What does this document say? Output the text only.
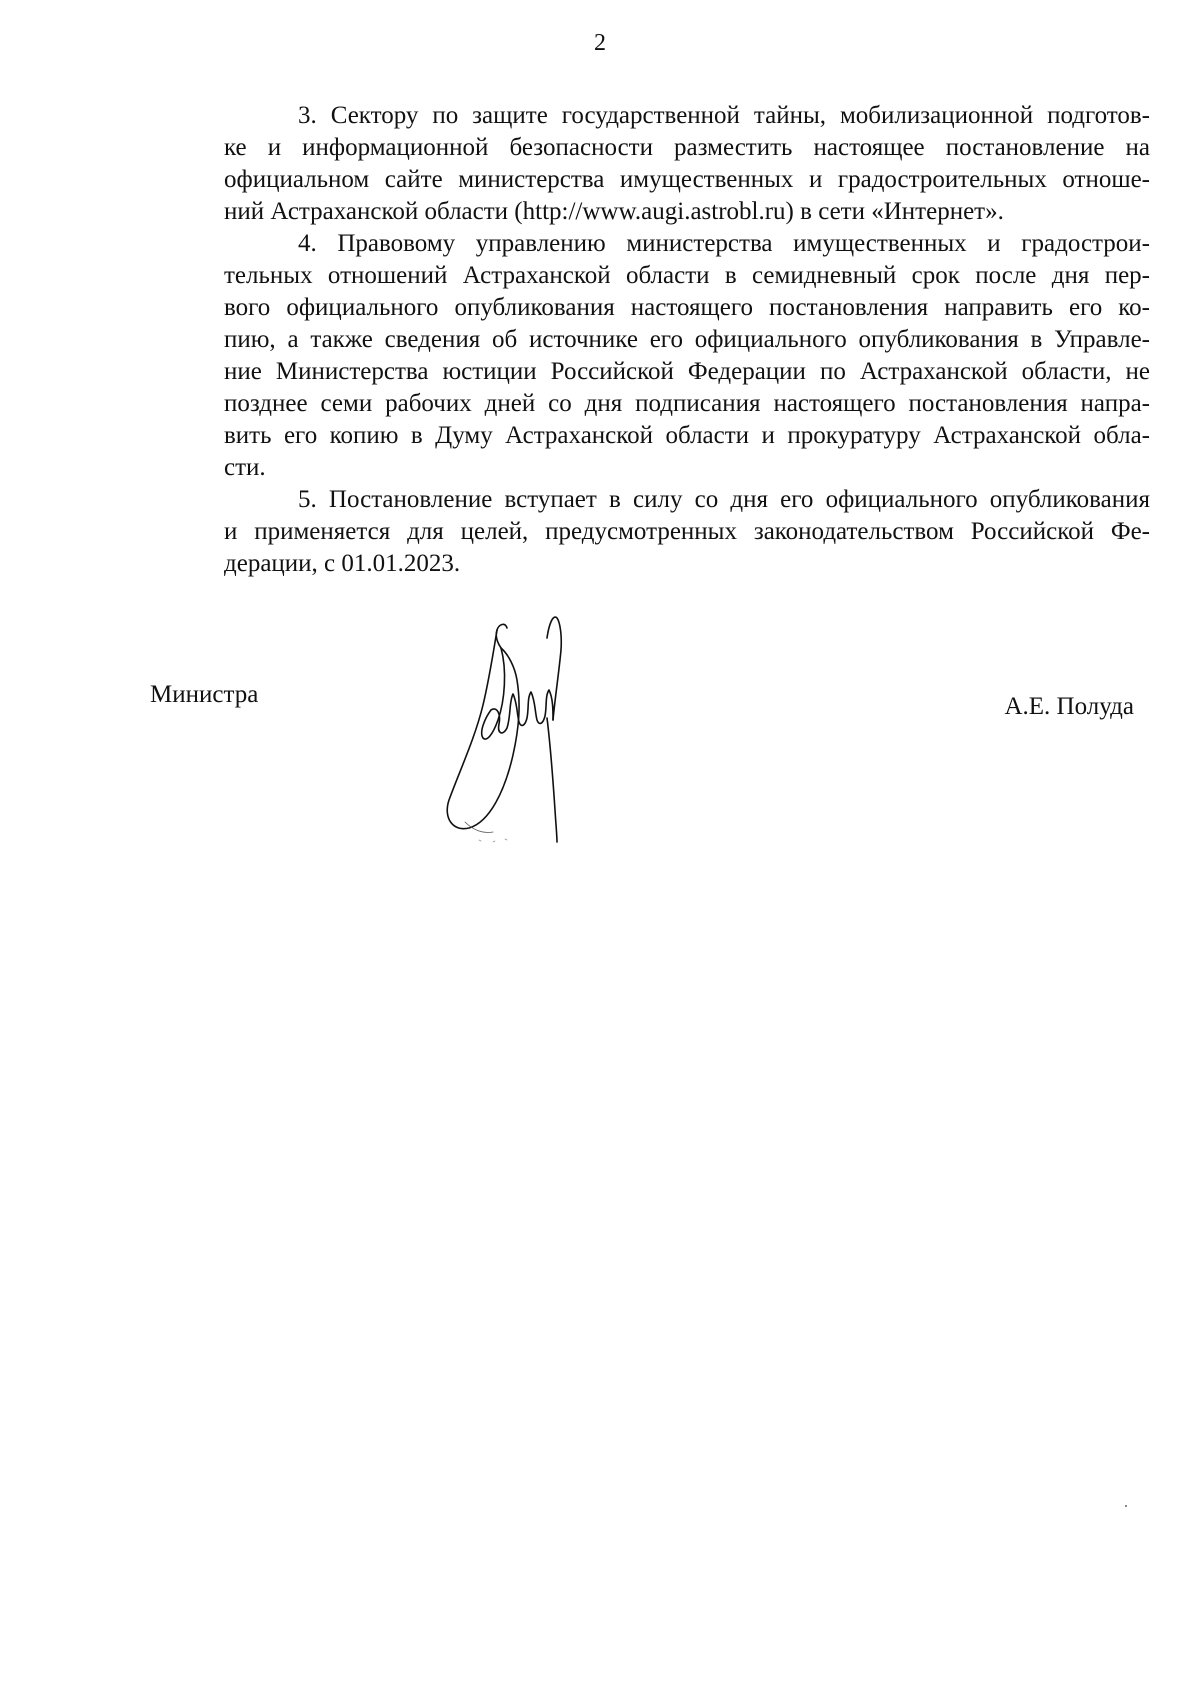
2

3. Сектору по защите государственной тайны, мобилизационной подготов-
ке и информационной безопасности разместить настоящее постановление на
официальном сайте министерства имущественных и градостроительных отноше-
ний Астраханской области (http://www.augi.astrobl.ru) в сети «Интернет».

4. Правовому управлению министерства имущественных и градострои-
тельных отношений Астраханской области в семидневный срок после дня пер-
вого официального опубликования настоящего постановления направить его ко-
пию, а также сведения об источнике его официального опубликования в Управле-
ние Министерства юстиции Российской Федерации по Астраханской области, не
позднее семи рабочих дней со дня подписания настоящего постановления напра-
вить его копию в Думу Астраханской области и прокуратуру Астраханской обла-
сти.

5. Постановление вступает в силу со дня его официального опубликования
и применяется для целей, предусмотренных законодательством Российской Фе-
дерации, с 01.01.2023.

Министра	А.Е. Полуда
